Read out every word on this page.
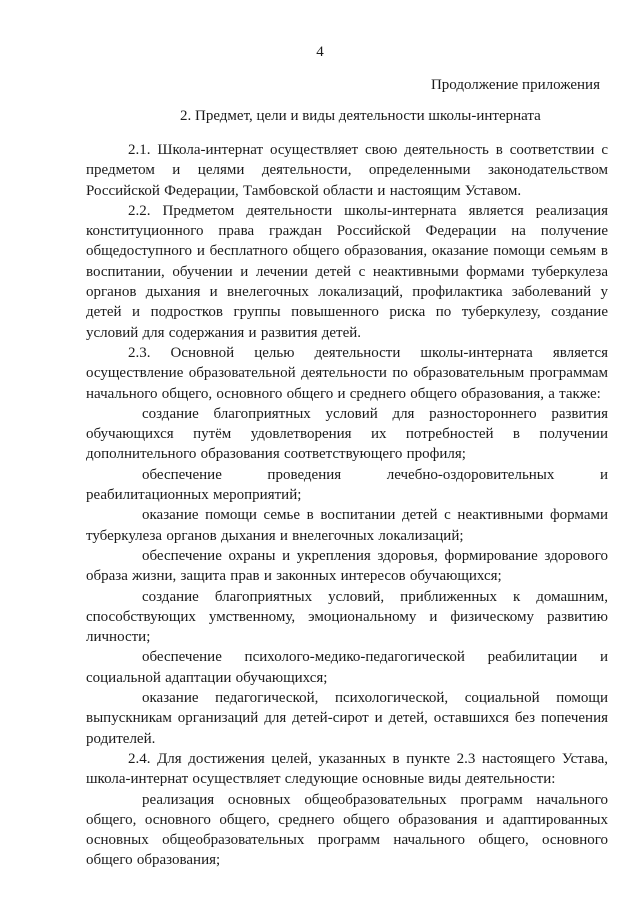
4
Продолжение приложения
2. Предмет, цели и виды деятельности школы-интерната

2.1. Школа-интернат осуществляет свою деятельность в соответствии с предметом и целями деятельности, определенными законодательством Российской Федерации, Тамбовской области и настоящим Уставом.

2.2. Предметом деятельности школы-интерната является реализация конституционного права граждан Российской Федерации на получение общедоступного и бесплатного общего образования, оказание помощи семьям в воспитании, обучении и лечении детей с неактивными формами туберкулеза органов дыхания и внелегочных локализаций, профилактика заболеваний у детей и подростков группы повышенного риска по туберкулезу, создание условий для содержания и развития детей.

2.3. Основной целью деятельности школы-интерната является осуществление образовательной деятельности по образовательным программам начального общего, основного общего и среднего общего образования, а также:

создание благоприятных условий для разностороннего развития обучающихся путём удовлетворения их потребностей в получении дополнительного образования соответствующего профиля;

обеспечение проведения лечебно-оздоровительных и реабилитационных мероприятий;

оказание помощи семье в воспитании детей с неактивными формами туберкулеза органов дыхания и внелегочных локализаций;

обеспечение охраны и укрепления здоровья, формирование здорового образа жизни, защита прав и законных интересов обучающихся;

создание благоприятных условий, приближенных к домашним, способствующих умственному, эмоциональному и физическому развитию личности;

обеспечение психолого-медико-педагогической реабилитации и социальной адаптации обучающихся;

оказание педагогической, психологической, социальной помощи выпускникам организаций для детей-сирот и детей, оставшихся без попечения родителей.

2.4. Для достижения целей, указанных в пункте 2.3 настоящего Устава, школа-интернат осуществляет следующие основные виды деятельности:

реализация основных общеобразовательных программ начального общего, основного общего, среднего общего образования и адаптированных основных общеобразовательных программ начального общего, основного общего образования;
